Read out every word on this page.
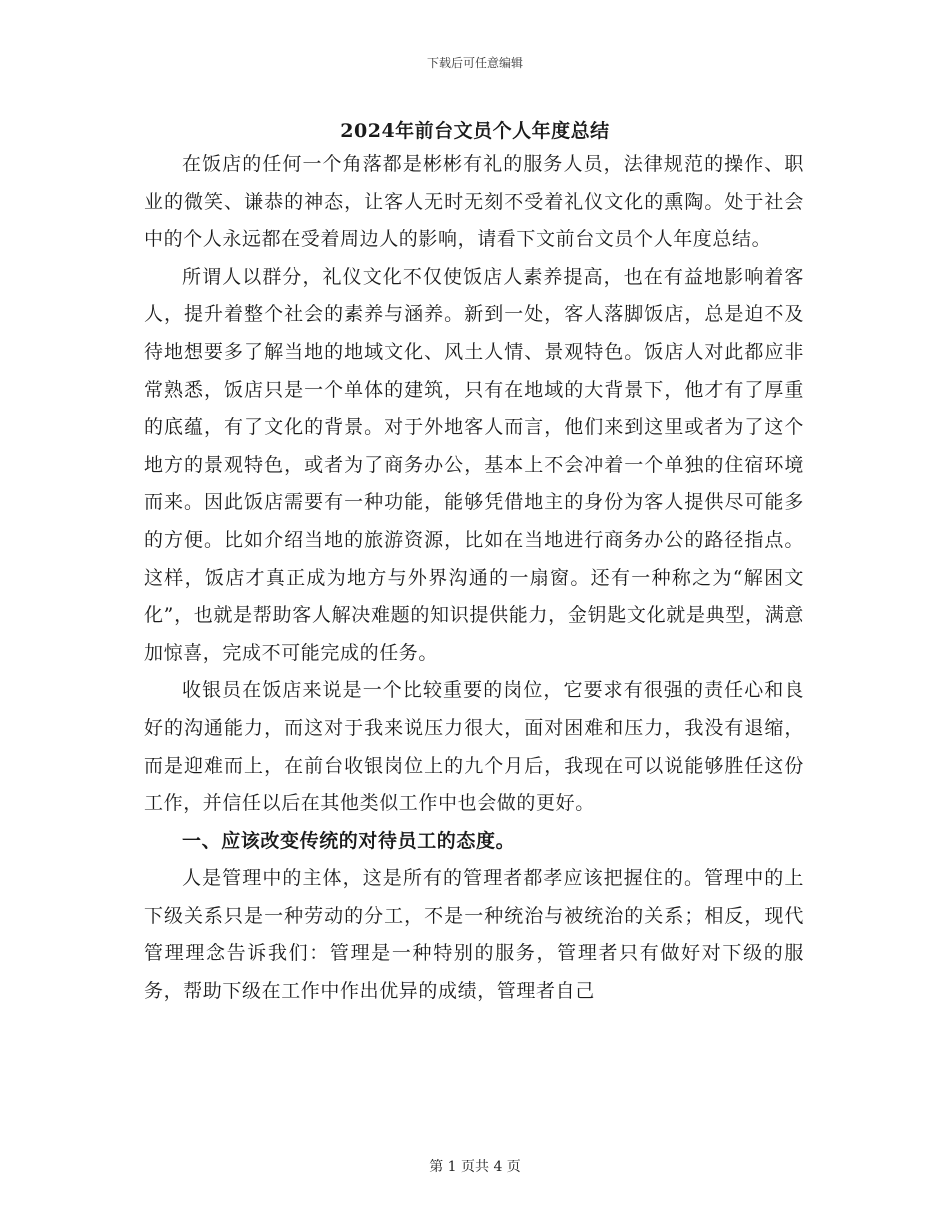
下载后可任意编辑
2024年前台文员个人年度总结

在饭店的任何一个角落都是彬彬有礼的服务人员，法律规范的操作、职业的微笑、谦恭的神态，让客人无时无刻不受着礼仪文化的熏陶。处于社会中的个人永远都在受着周边人的影响，请看下文前台文员个人年度总结。

所谓人以群分，礼仪文化不仅使饭店人素养提高，也在有益地影响着客人，提升着整个社会的素养与涵养。新到一处，客人落脚饭店，总是迫不及待地想要多了解当地的地域文化、风土人情、景观特色。饭店人对此都应非常熟悉，饭店只是一个单体的建筑，只有在地域的大背景下，他才有了厚重的底蕴，有了文化的背景。对于外地客人而言，他们来到这里或者为了这个地方的景观特色，或者为了商务办公，基本上不会冲着一个单独的住宿环境而来。因此饭店需要有一种功能，能够凭借地主的身份为客人提供尽可能多的方便。比如介绍当地的旅游资源，比如在当地进行商务办公的路径指点。这样，饭店才真正成为地方与外界沟通的一扇窗。还有一种称之为“解困文化”，也就是帮助客人解决难题的知识提供能力，金钥匙文化就是典型，满意加惊喜，完成不可能完成的任务。

收银员在饭店来说是一个比较重要的岗位，它要求有很强的责任心和良好的沟通能力，而这对于我来说压力很大，面对困难和压力，我没有退缩，而是迎难而上，在前台收银岗位上的九个月后，我现在可以说能够胜任这份工作，并信任以后在其他类似工作中也会做的更好。

一、应该改变传统的对待员工的态度。

人是管理中的主体，这是所有的管理者都孝应该把握住的。管理中的上下级关系只是一种劳动的分工，不是一种统治与被统治的关系；相反，现代管理理念告诉我们：管理是一种特别的服务，管理者只有做好对下级的服务，帮助下级在工作中作出优异的成绩，管理者自己

第 1 页共 4 页
